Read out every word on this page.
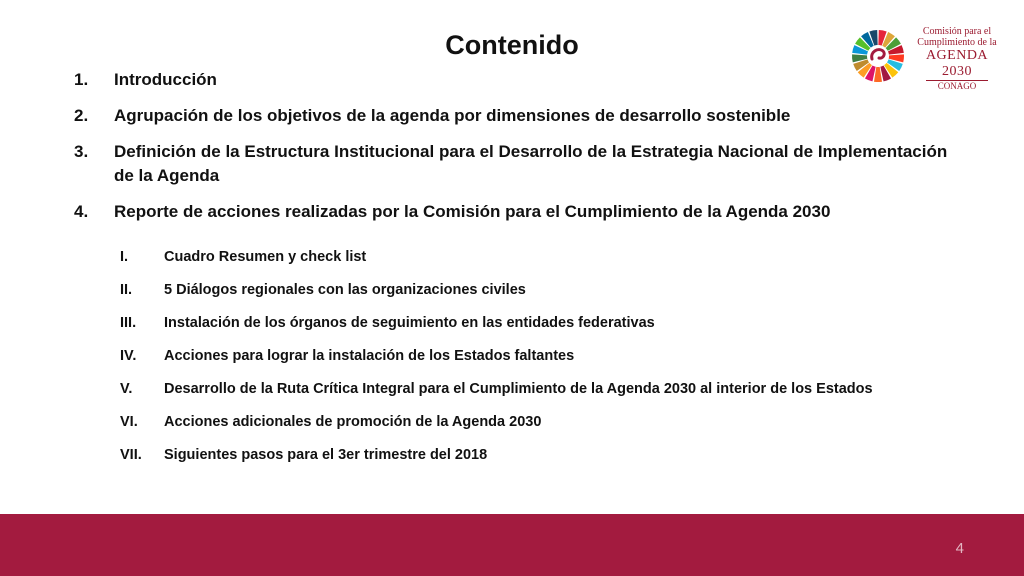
Contenido	Comisión para el
Cumplimiento de la
AGENDA 2030
CONAGO
1. Introducción
2. Agrupación de los objetivos de la agenda por dimensiones de desarrollo sostenible
3. Definición de la Estructura Institucional para el Desarrollo de la Estrategia Nacional de Implementación de la Agenda
4. Reporte de acciones realizadas por la Comisión para el Cumplimiento de la Agenda 2030
I. Cuadro Resumen y check list
II. 5 Diálogos regionales con las organizaciones civiles
III. Instalación de los órganos de seguimiento en las entidades federativas
IV. Acciones para lograr la instalación de los Estados faltantes
V. Desarrollo de la Ruta Crítica Integral para el Cumplimiento de la Agenda 2030 al interior de los Estados
VI. Acciones adicionales de promoción de la Agenda 2030
VII. Siguientes pasos para el 3er trimestre del 2018
4
